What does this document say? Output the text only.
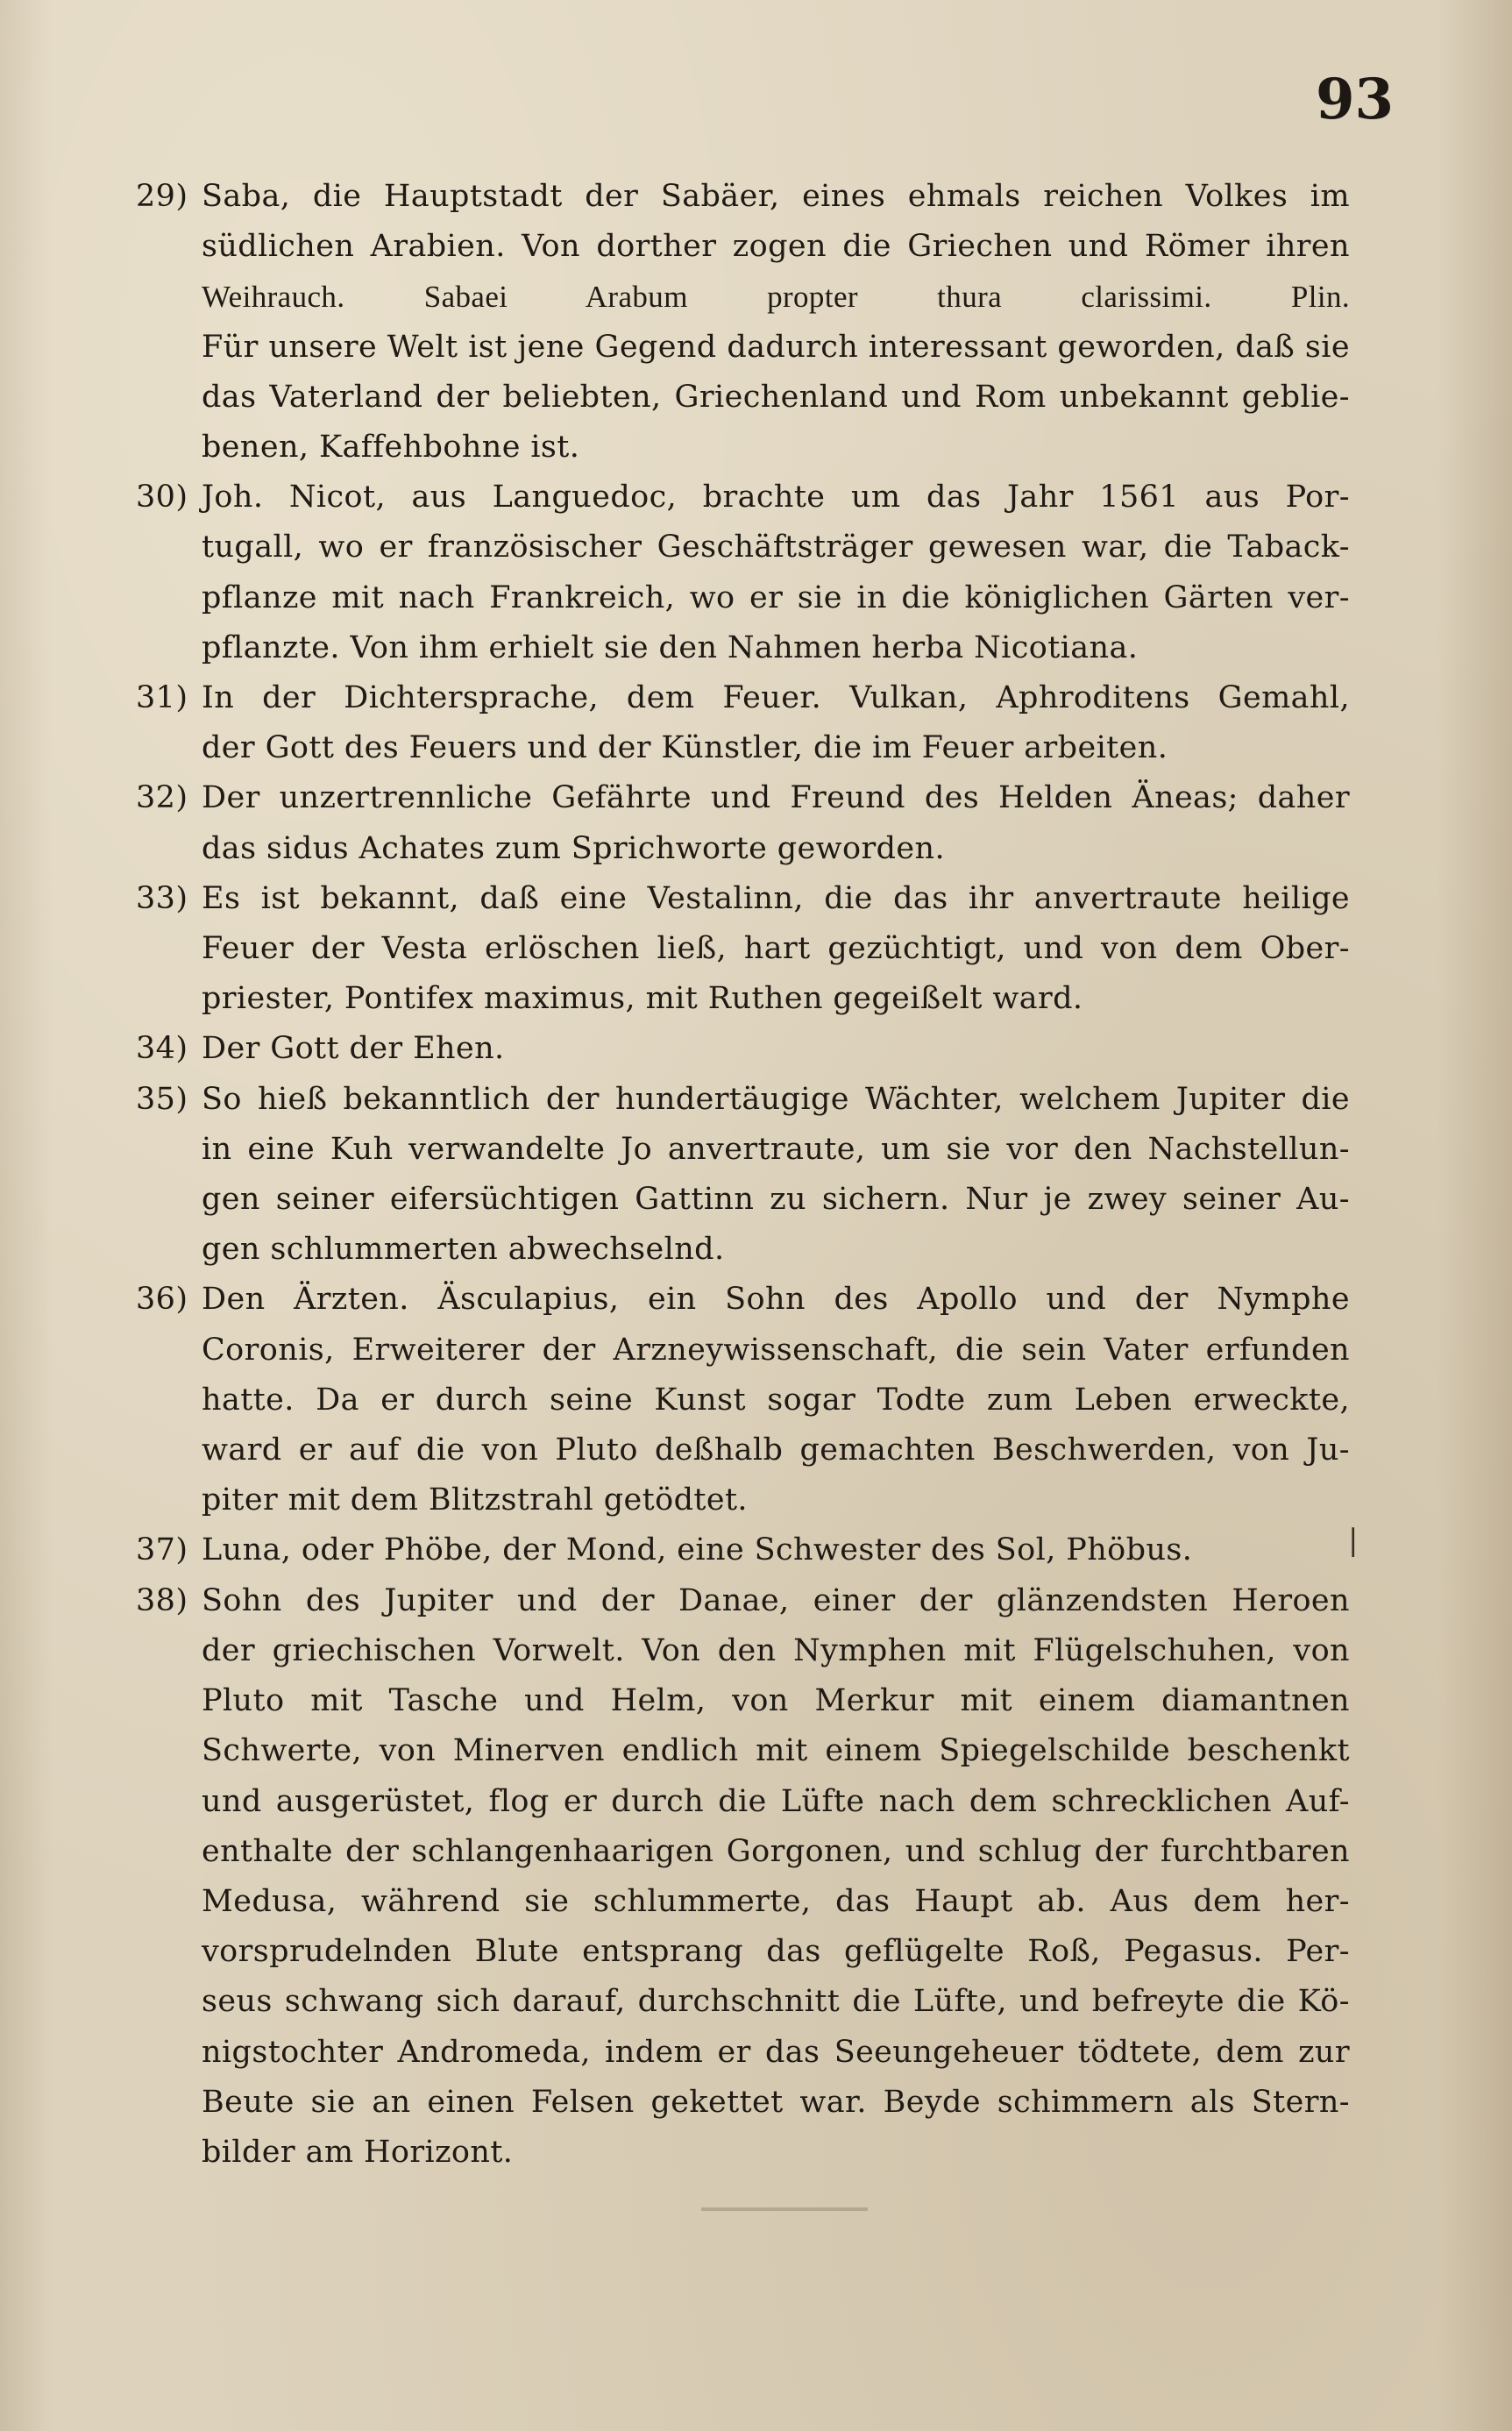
93
29) Saba, die Hauptstadt der Sabäer, eines ehmals reichen Volkes im
südlichen Arabien. Von dorther zogen die Griechen und Römer ihren
Weihrauch. Sabaei Arabum propter thura clarissimi. Plin.
Für unsere Welt ist jene Gegend dadurch interessant geworden, daß sie
das Vaterland der beliebten, Griechenland und Rom unbekannt geblie-
benen, Kaffehbohne ist.
30) Joh. Nicot, aus Languedoc, brachte um das Jahr 1561 aus Por-
tugall, wo er französischer Geschäftsträger gewesen war, die Taback-
pflanze mit nach Frankreich, wo er sie in die königlichen Gärten ver-
pflanzte. Von ihm erhielt sie den Nahmen herba Nicotiana.
31) In der Dichtersprache, dem Feuer. Vulkan, Aphroditens Gemahl,
der Gott des Feuers und der Künstler, die im Feuer arbeiten.
32) Der unzertrennliche Gefährte und Freund des Helden Äneas; daher
das sidus Achates zum Sprichworte geworden.
33) Es ist bekannt, daß eine Vestalinn, die das ihr anvertraute heilige
Feuer der Vesta erlöschen ließ, hart gezüchtigt, und von dem Ober-
priester, Pontifex maximus, mit Ruthen gegeißelt ward.
34) Der Gott der Ehen.
35) So hieß bekanntlich der hundertäugige Wächter, welchem Jupiter die
in eine Kuh verwandelte Jo anvertraute, um sie vor den Nachstellun-
gen seiner eifersüchtigen Gattinn zu sichern. Nur je zwey seiner Au-
gen schlummerten abwechselnd.
36) Den Ärzten. Äsculapius, ein Sohn des Apollo und der Nymphe
Coronis, Erweiterer der Arzneywissenschaft, die sein Vater erfunden
hatte. Da er durch seine Kunst sogar Todte zum Leben erweckte,
ward er auf die von Pluto deßhalb gemachten Beschwerden, von Ju-
piter mit dem Blitzstrahl getödtet.
37) Luna, oder Phöbe, der Mond, eine Schwester des Sol, Phöbus.
38) Sohn des Jupiter und der Danae, einer der glänzendsten Heroen
der griechischen Vorwelt. Von den Nymphen mit Flügelschuhen, von
Pluto mit Tasche und Helm, von Merkur mit einem diamantnen
Schwerte, von Minerven endlich mit einem Spiegelschilde beschenkt
und ausgerüstet, flog er durch die Lüfte nach dem schrecklichen Auf-
enthalte der schlangenhaarigen Gorgonen, und schlug der furchtbaren
Medusa, während sie schlummerte, das Haupt ab. Aus dem her-
vorsprudelnden Blute entsprang das geflügelte Roß, Pegasus. Per-
seus schwang sich darauf, durchschnitt die Lüfte, und befreyte die Kö-
nigstochter Andromeda, indem er das Seeungeheuer tödtete, dem zur
Beute sie an einen Felsen gekettet war. Beyde schimmern als Stern-
bilder am Horizont.
|
